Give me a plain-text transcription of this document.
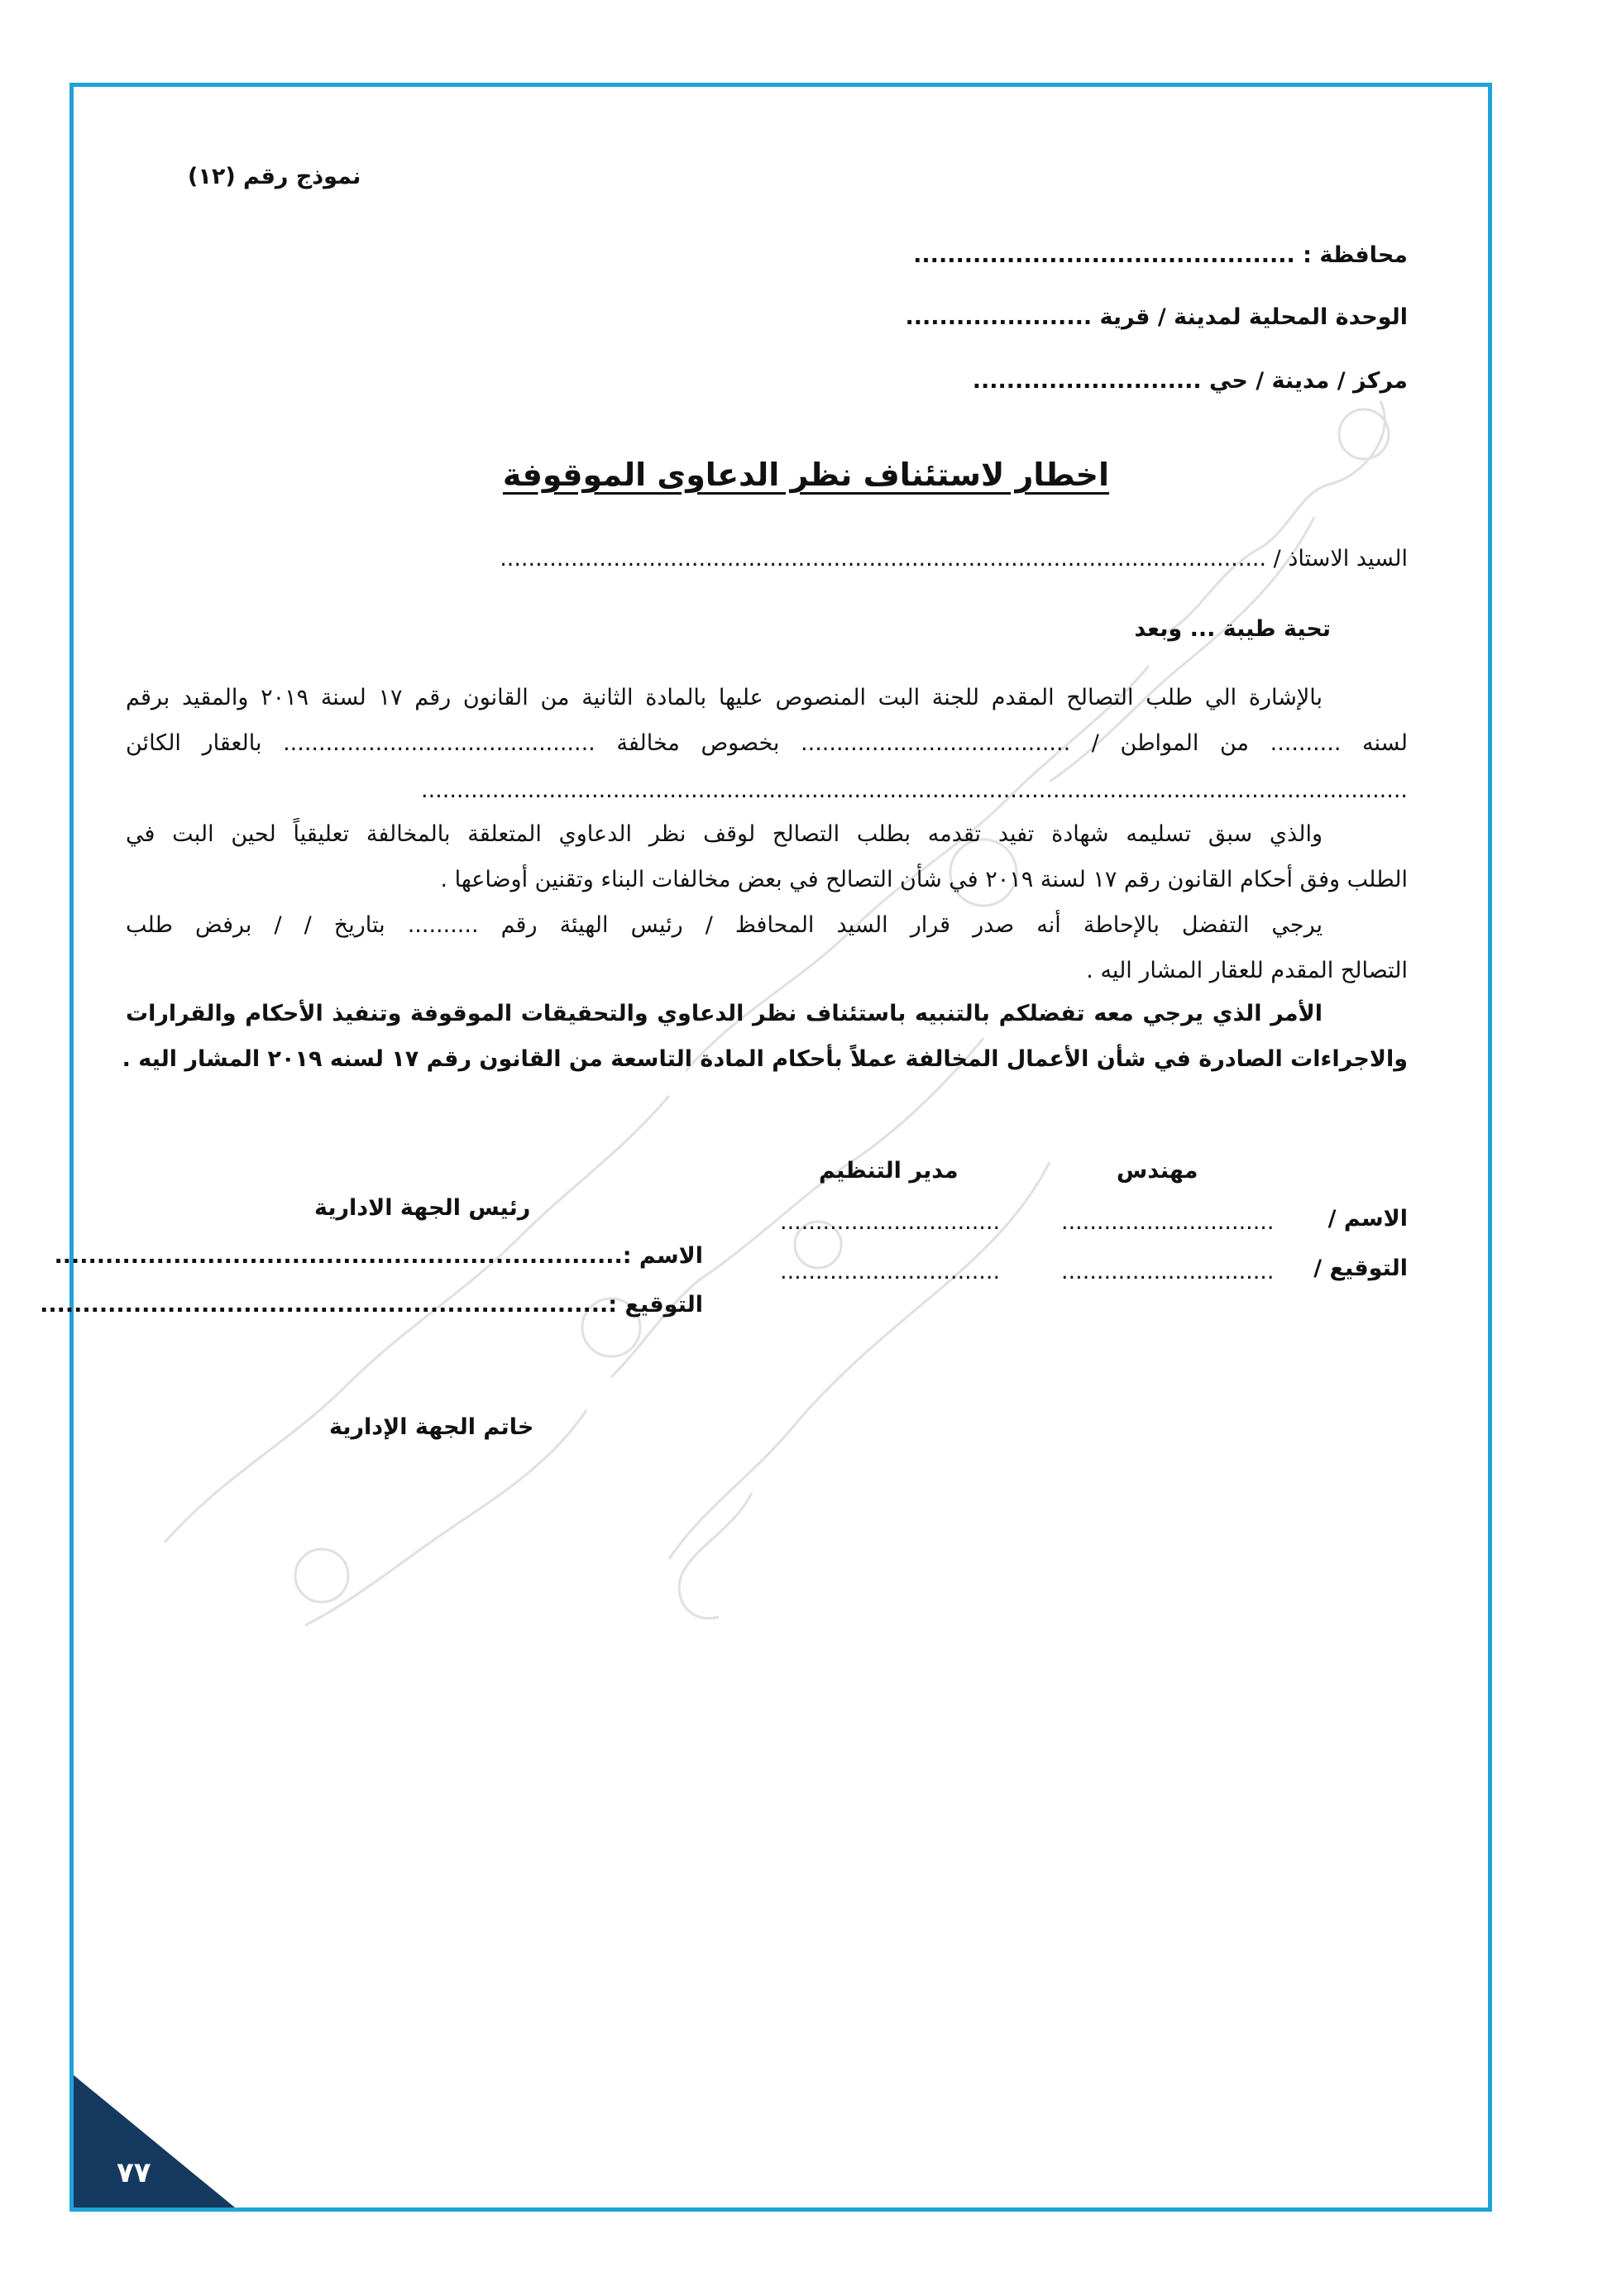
٧٧
نموذج رقم (١٢)
محافظة : .............................................
الوحدة المحلية لمدينة / قرية ......................
مركز / مدينة / حي ...........................
اخطار لاستئناف نظر الدعاوى الموقوفة
السيد الاستاذ / ............................................................................................................
تحية طيبة ... وبعد
بالإشارة الي طلب التصالح المقدم للجنة البت المنصوص عليها بالمادة الثانية من القانون رقم ١٧ لسنة ٢٠١٩ والمقيد برقم
لسنه .......... من المواطن / ...................................... بخصوص مخالفة ............................................ بالعقار الكائن
...........................................................................................................................................
والذي سبق تسليمه شهادة تفيد تقدمه بطلب التصالح لوقف نظر الدعاوي المتعلقة بالمخالفة تعليقياً لحين البت في
الطلب وفق أحكام القانون رقم ١٧ لسنة ٢٠١٩ في شأن التصالح في بعض مخالفات البناء وتقنين أوضاعها .
يرجي التفضل بالإحاطة أنه صدر قرار السيد المحافظ / رئيس الهيئة رقم .......... بتاريخ / / برفض طلب
التصالح المقدم للعقار المشار اليه .
الأمر الذي يرجي معه تفضلكم بالتنبيه باستئناف نظر الدعاوي والتحقيقات الموقوفة وتنفيذ الأحكام والقرارات
والاجراءات الصادرة في شأن الأعمال المخالفة عملاً بأحكام المادة التاسعة من القانون رقم ١٧ لسنه ٢٠١٩ المشار اليه .
مهندس
مدير التنظيم
الاسم /
..............................
...............................
التوقيع /
..............................
...............................
رئيس الجهة الادارية
الاسم :...................................................................
التوقيع :...................................................................
خاتم الجهة الإدارية
